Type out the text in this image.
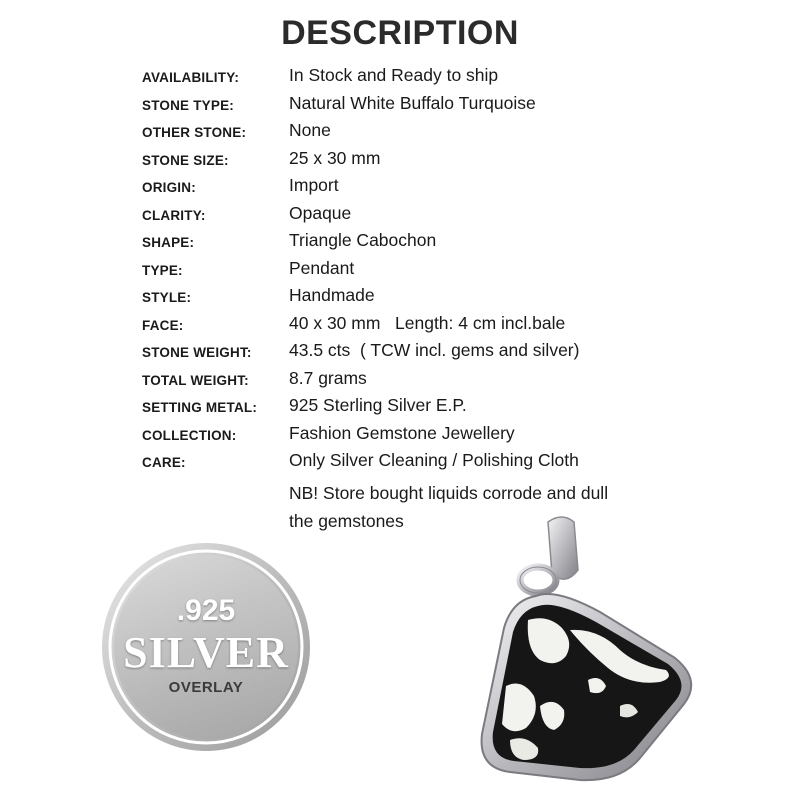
DESCRIPTION
AVAILABILITY:	In Stock and Ready to ship
STONE TYPE:	Natural White Buffalo Turquoise
OTHER STONE: None
STONE SIZE:	25 x 30 mm
ORIGIN:	Import
CLARITY:	Opaque
SHAPE:	Triangle Cabochon
TYPE:	Pendant
STYLE:	Handmade
FACE:	40 x 30 mm   Length: 4 cm incl.bale
STONE WEIGHT: 43.5 cts  ( TCW incl. gems and silver)
TOTAL WEIGHT: 8.7 grams
SETTING METAL: 925 Sterling Silver E.P.
COLLECTION:	Fashion Gemstone Jewellery
CARE:	Only Silver Cleaning / Polishing Cloth
NB! Store bought liquids corrode and dull
the gemstones
.925
SILVER
OVERLAY
